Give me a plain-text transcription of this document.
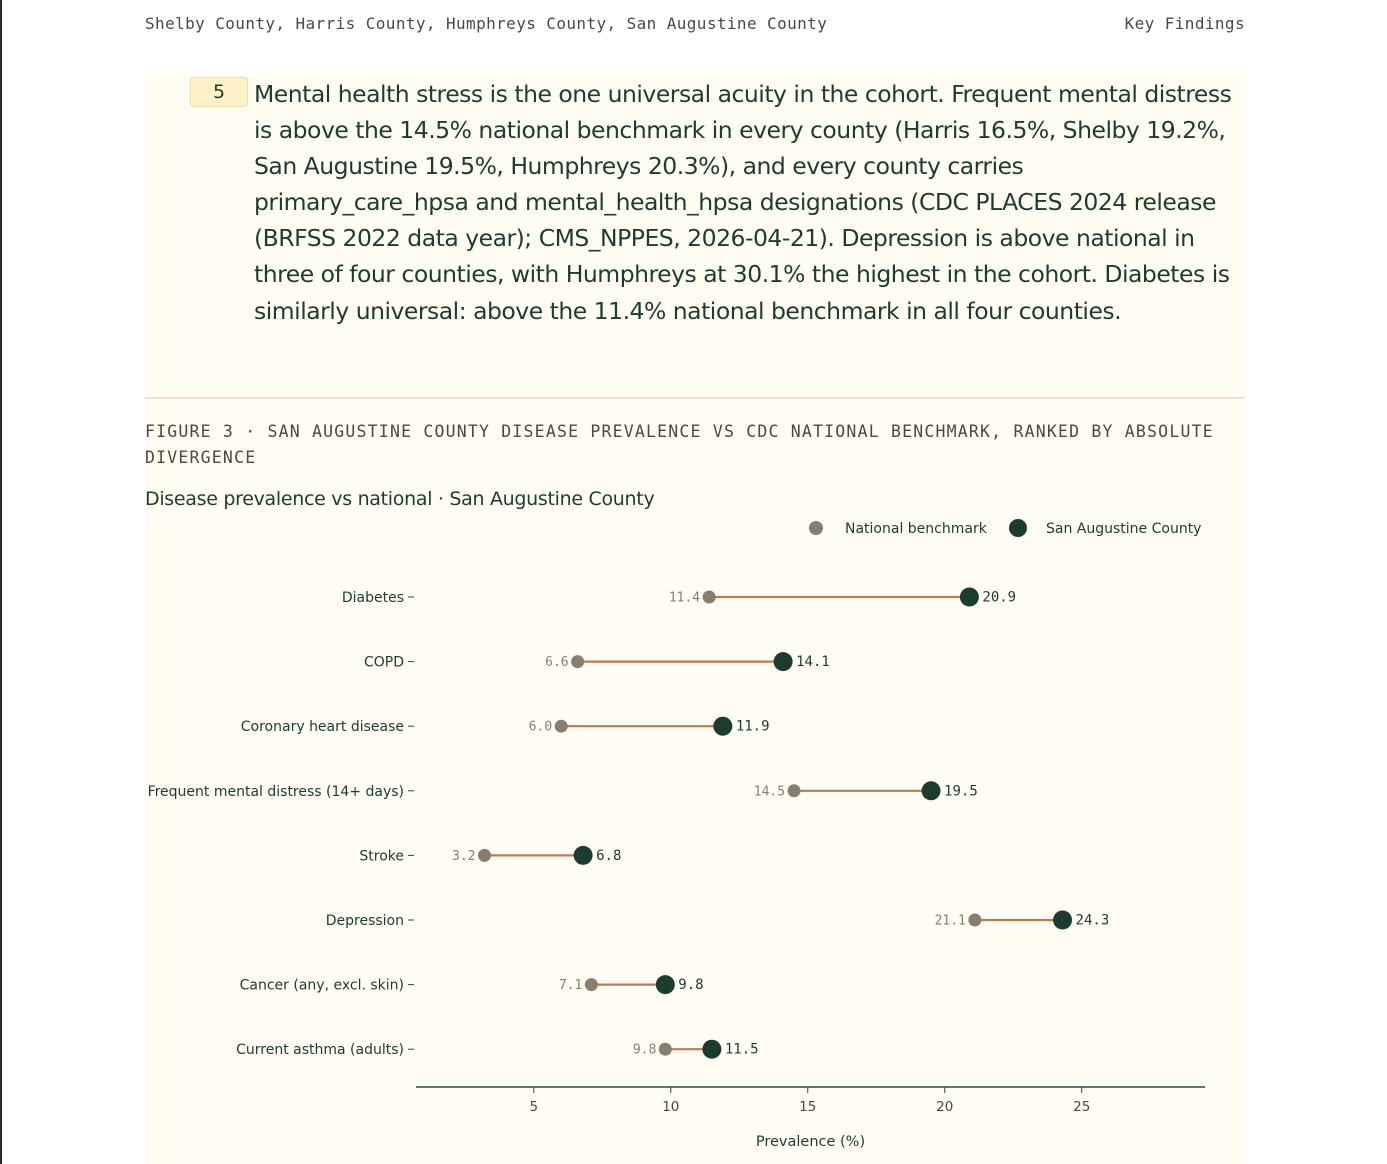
Shelby County, Harris County, Humphreys County, San Augustine County	Key Findings
5	Mental health stress is the one universal acuity in the cohort. Frequent mental distress is above the 14.5% national benchmark in every county (Harris 16.5%, Shelby 19.2%, San Augustine 19.5%, Humphreys 20.3%), and every county carries primary_care_hpsa and mental_health_hpsa designations (CDC PLACES 2024 release (BRFSS 2022 data year); CMS_NPPES, 2026-04-21). Depression is above national in three of four counties, with Humphreys at 30.1% the highest in the cohort. Diabetes is similarly universal: above the 11.4% national benchmark in all four counties.
FIGURE 3 · SAN AUGUSTINE COUNTY DISEASE PREVALENCE VS CDC NATIONAL BENCHMARK, RANKED BY ABSOLUTE DIVERGENCE
Disease prevalence vs national · San Augustine County
National benchmark	San Augustine County
5	10	15	20	25
Prevalence (%)
Diabetes	11.4	20.9
COPD	6.6	14.1
Coronary heart disease	6.0	11.9
Frequent mental distress (14+ days)	14.5	19.5
Stroke	3.2	6.8
Depression	21.1	24.3
Cancer (any, excl. skin)	7.1	9.8
Current asthma (adults)	9.8	11.5
